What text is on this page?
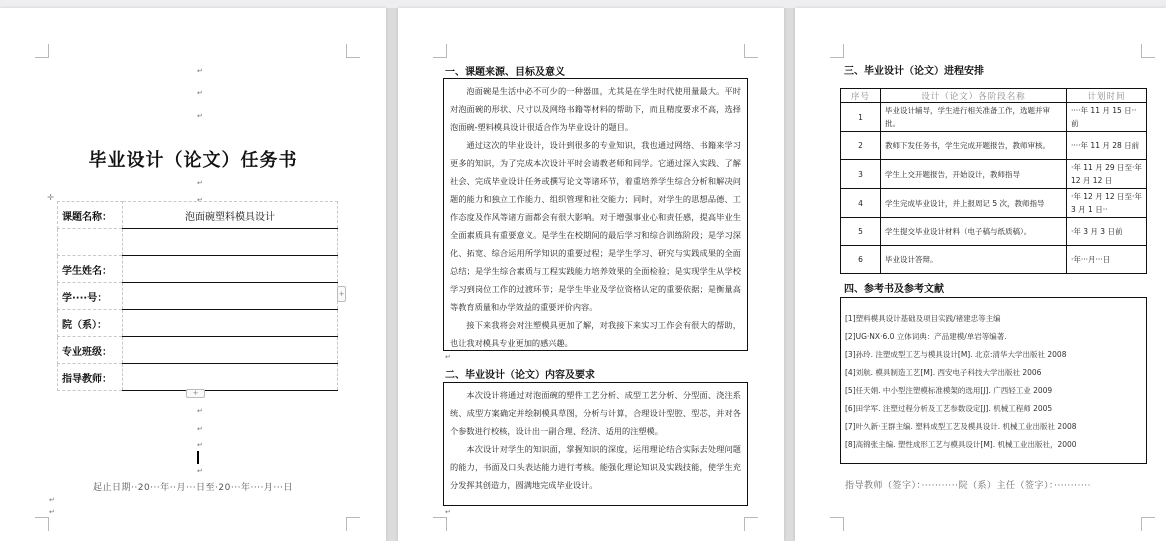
↵
↵
↵
毕业设计（论文）任务书
↵
↵
✛
课题名称：	泡面碗塑料模具设计

学生姓名：	
学····号：	
院（系）：	
专业班级：	
指导教师：	
+
+
↵
↵
↵
↵
起止日期··20···年··月···日至·20···年····月···日
↵
↵
一、课题来源、目标及意义

泡面碗是生活中必不可少的一种器皿，尤其是在学生时代使用量最大。平时对泡面碗的形状、尺寸以及网络书籍等材料的帮助下，而且精度要求不高，选择泡面碗-塑料模具设计很适合作为毕业设计的题目。

通过这次的毕业设计，设计到很多的专业知识，我也通过网络、书籍来学习更多的知识，为了完成本次设计平时会请教老师和同学。它通过深入实践、了解社会、完成毕业设计任务或撰写论文等诸环节，着重培养学生综合分析和解决问题的能力和独立工作能力、组织管理和社交能力；同时，对学生的思想品德、工作态度及作风等诸方面都会有很大影响。对于增强事业心和责任感，提高毕业生全面素质具有重要意义。是学生在校期间的最后学习和综合训练阶段；是学习深化、拓宽、综合运用所学知识的重要过程；是学生学习、研究与实践成果的全面总结；是学生综合素质与工程实践能力培养效果的全面检验；是实现学生从学校学习到岗位工作的过渡环节；是学生毕业及学位资格认定的重要依据；是衡量高等教育质量和办学效益的重要评价内容。

接下来我将会对注塑模具更加了解，对我接下来实习工作会有很大的帮助，也让我对模具专业更加的感兴趣。

↵
二、毕业设计（论文）内容及要求

本次设计将通过对泡面碗的塑件工艺分析、成型工艺分析、分型面、浇注系统、成型方案确定并绘制模具草图，分析与计算，合理设计型腔、型芯，并对各个参数进行校核，设计出一副合理、经济、适用的注塑模。

本次设计对学生的知识面，掌握知识的深度，运用理论结合实际去处理问题的能力，书面及口头表达能力进行考核。能强化理论知识及实践技能，使学生充分发挥其创造力，圆满地完成毕业设计。

↵
三、毕业设计（论文）进程安排
序号	设计（论文）各阶段名称	计划时间
1	毕业设计辅导，学生进行相关准备工作，选题并审批。	····年 11 月 15 日··前
2	教师下发任务书，学生完成开题报告，教师审核。	····年 11 月 28 日前
3	学生上交开题报告，开始设计，教师指导	·年 11 月 29 日至·年 12 月 12 日
4	学生完成毕业设计，并上报周记 5 次，教师指导	·年 12 月 12 日至·年 3 月 1 日··
5	学生提交毕业设计材料（电子稿与纸质稿）。	·年 3 月 3 日前
6	毕业设计答辩。	·年···月···日
四、参考书及参考文献
[1]塑料模具设计基础及项目实践/褚建忠等主编
[2]UG·NX·6.0 立体词典：产品建模/单岩等编著.
[3]孙玲. 注塑成型工艺与模具设计[M]. 北京:清华大学出版社 2008
[4]刘航. 模具制造工艺[M]. 西安电子科技大学出版社 2006
[5]任天娟. 中小型注塑模标准模架的选用[J]. 广西轻工业 2009
[6]田学军. 注塑过程分析及工艺参数设定[J]. 机械工程师 2005
[7]叶久新·王群主编. 塑料成型工艺及模具设计. 机械工业出版社 2008
[8]高锦张主编. 塑性成形工艺与模具设计[M]. 机械工业出版社，2000
指导教师（签字）：···········院（系）主任（签字）：···········
